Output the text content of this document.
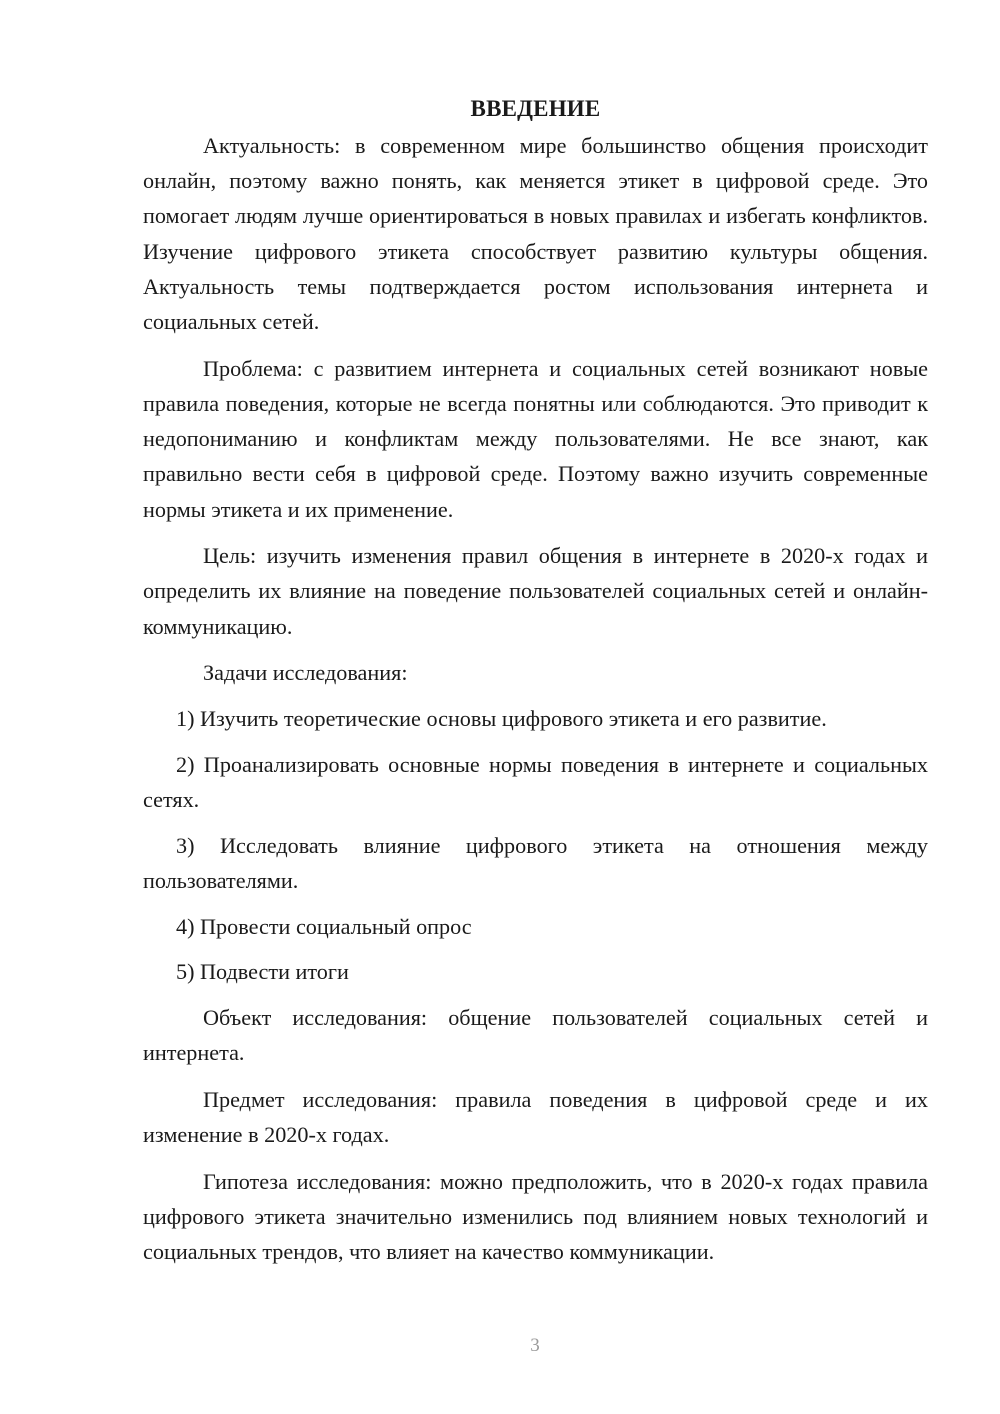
ВВЕДЕНИЕ

Актуальность: в современном мире большинство общения происходит онлайн, поэтому важно понять, как меняется этикет в цифровой среде. Это помогает людям лучше ориентироваться в новых правилах и избегать конфликтов. Изучение цифрового этикета способствует развитию культуры общения. Актуальность темы подтверждается ростом использования интернета и социальных сетей.

Проблема: с развитием интернета и социальных сетей возникают новые правила поведения, которые не всегда понятны или соблюдаются. Это приводит к недопониманию и конфликтам между пользователями. Не все знают, как правильно вести себя в цифровой среде. Поэтому важно изучить современные нормы этикета и их применение.

Цель: изучить изменения правил общения в интернете в 2020-х годах и определить их влияние на поведение пользователей социальных сетей и онлайн-коммуникацию.

Задачи исследования:

1) Изучить теоретические основы цифрового этикета и его развитие.

2) Проанализировать основные нормы поведения в интернете и социальных сетях.

3) Исследовать влияние цифрового этикета на отношения между пользователями.

4) Провести социальный опрос

5) Подвести итоги

Объект исследования: общение пользователей социальных сетей и интернета.

Предмет исследования: правила поведения в цифровой среде и их изменение в 2020-х годах.

Гипотеза исследования: можно предположить, что в 2020-х годах правила цифрового этикета значительно изменились под влиянием новых технологий и социальных трендов, что влияет на качество коммуникации.

3
